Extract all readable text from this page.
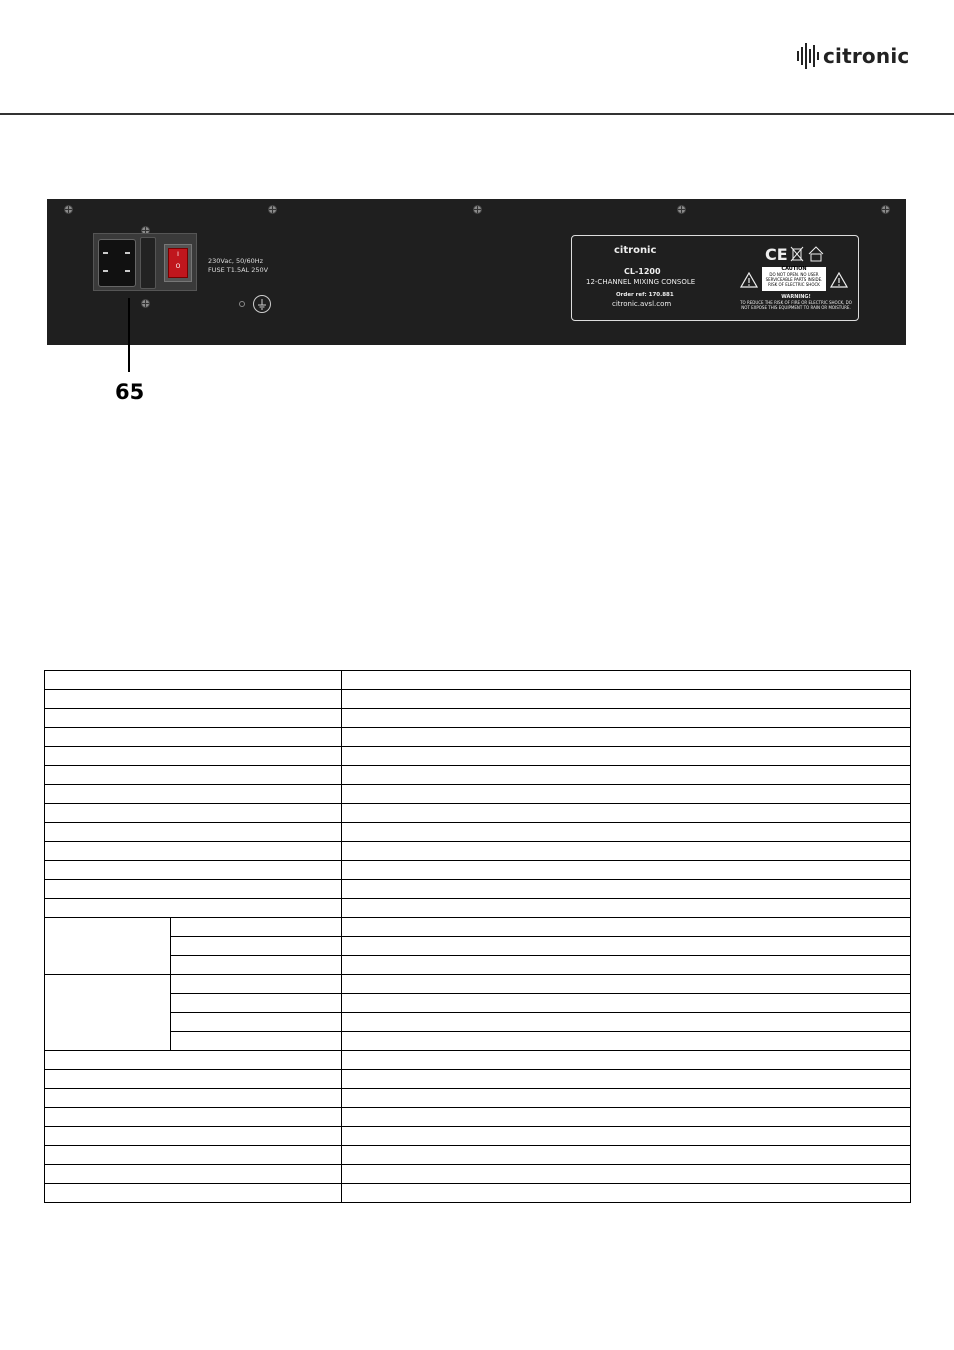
citronic
I
O
230Vac, 50/60Hz
FUSE T1.5AL 250V
citronic
CL-1200
12-CHANNEL MIXING CONSOLE
Order ref: 170.881
citronic.avsl.com
CE
CAUTION
DO NOT OPEN. NO USER SERVICEABLE PARTS INSIDE. RISK OF ELECTRIC SHOCK
WARNING!
TO REDUCE THE RISK OF FIRE OR ELECTRIC SHOCK, DO NOT EXPOSE THIS EQUIPMENT TO RAIN OR MOISTURE.
65
